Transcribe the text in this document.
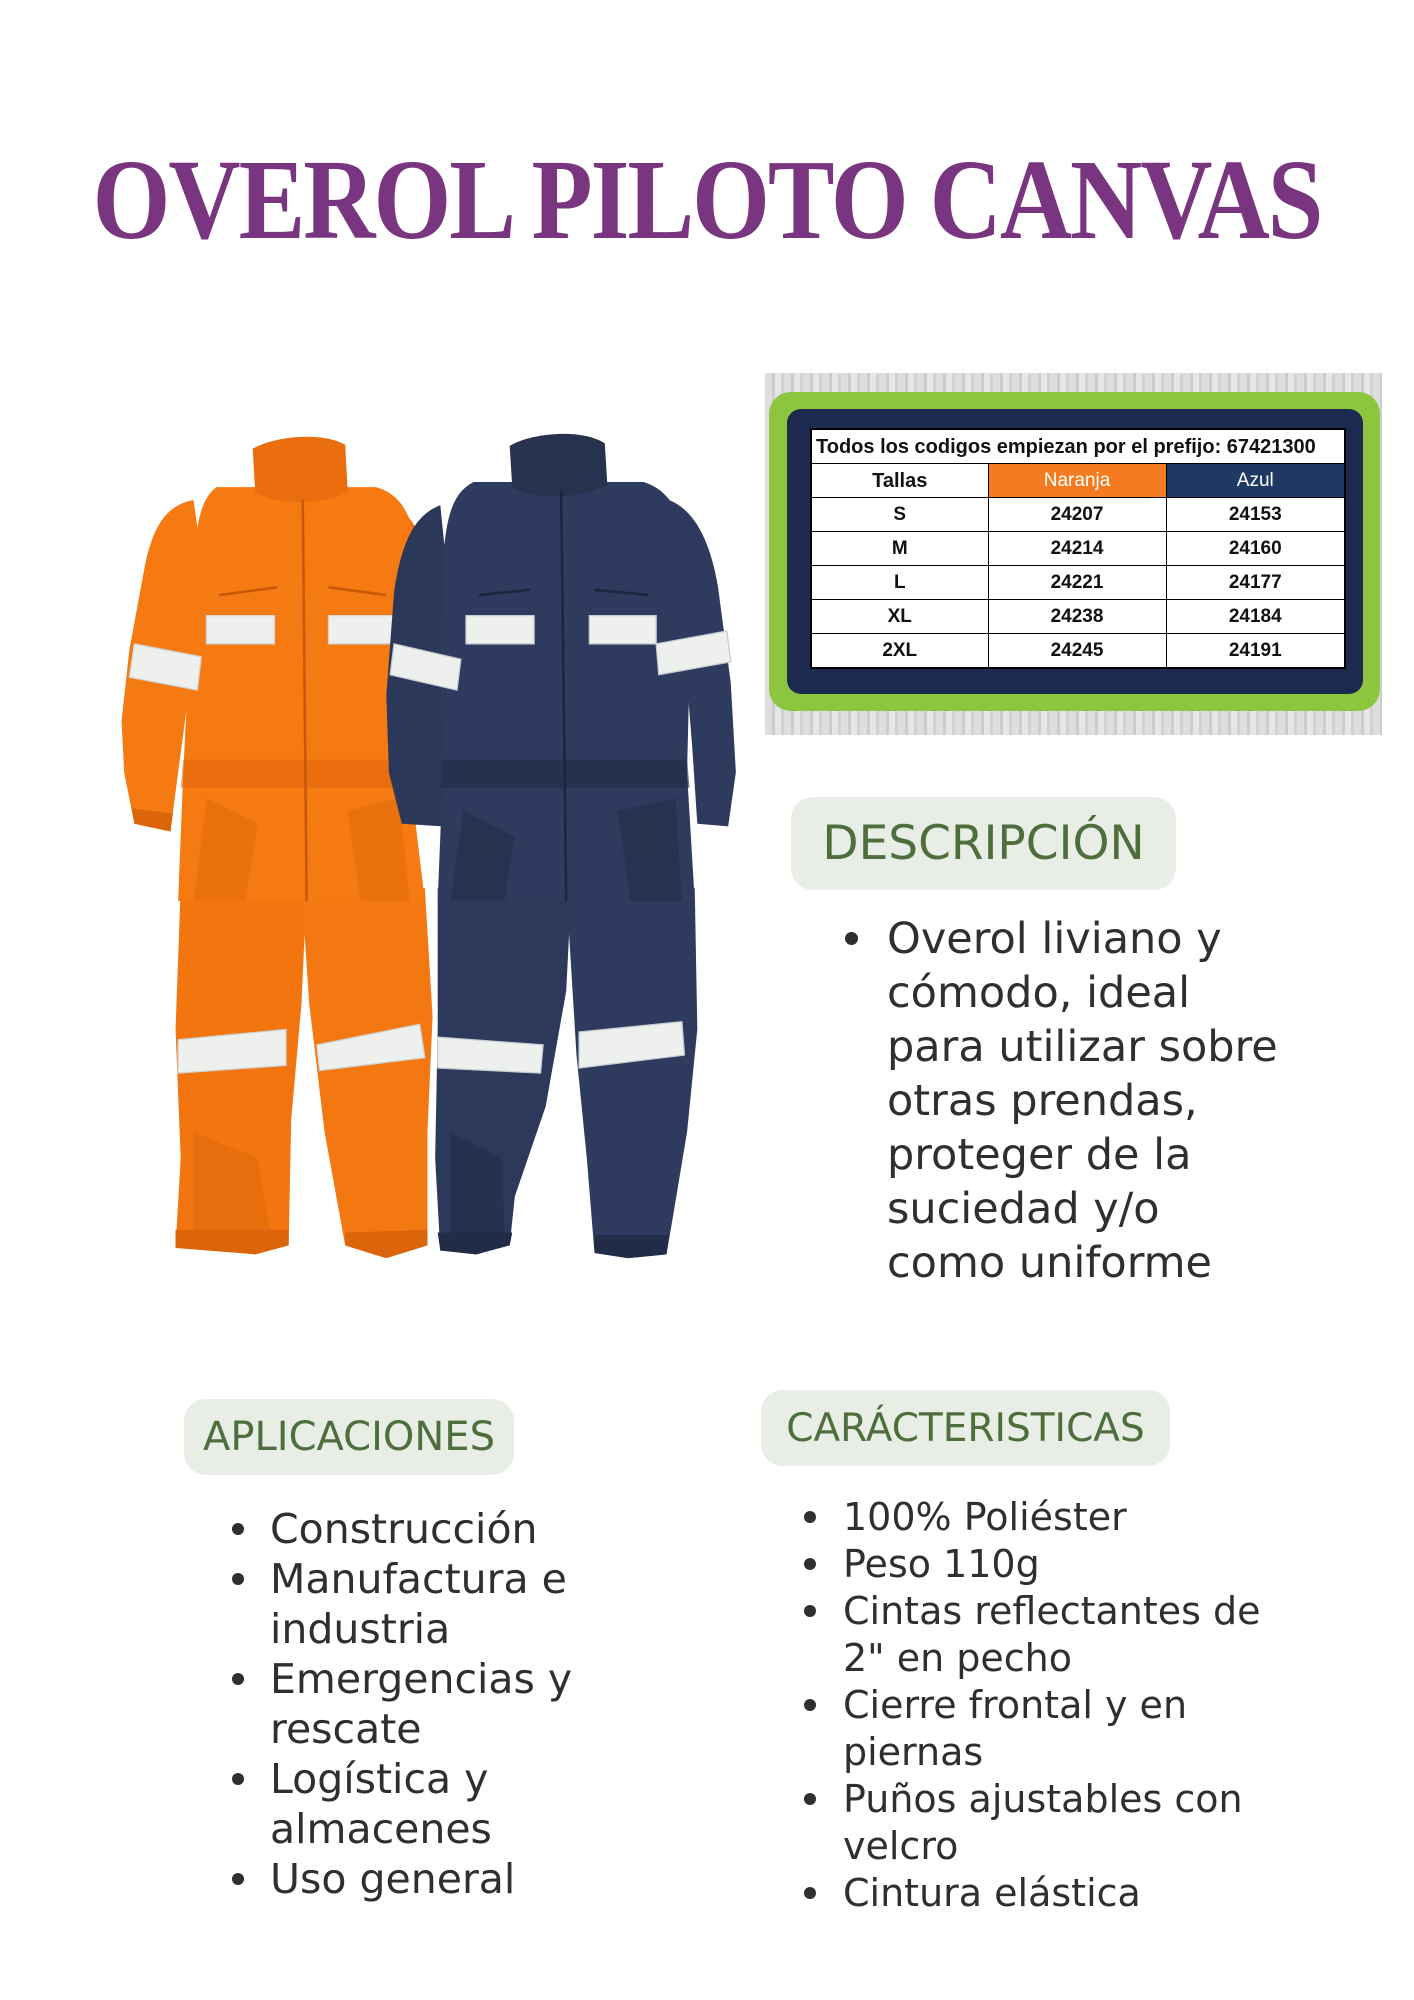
OVEROL PILOTO CANVAS
Todos los codigos empiezan por el prefijo: 67421300		
Tallas	Naranja	Azul
S	24207	24153
M	24214	24160
L	24221	24177
XL	24238	24184
2XL	24245	24191
DESCRIPCIÓN
Overol liviano y cómodo, ideal para utilizar sobre otras prendas, proteger de la suciedad y/o como uniforme
APLICACIONES
Construcción
Manufactura e industria
Emergencias y rescate
Logística y almacenes
Uso general
CARÁCTERISTICAS
100% Poliéster
Peso 110g
Cintas reflectantes de 2" en pecho
Cierre frontal y en piernas
Puños ajustables con velcro
Cintura elástica
